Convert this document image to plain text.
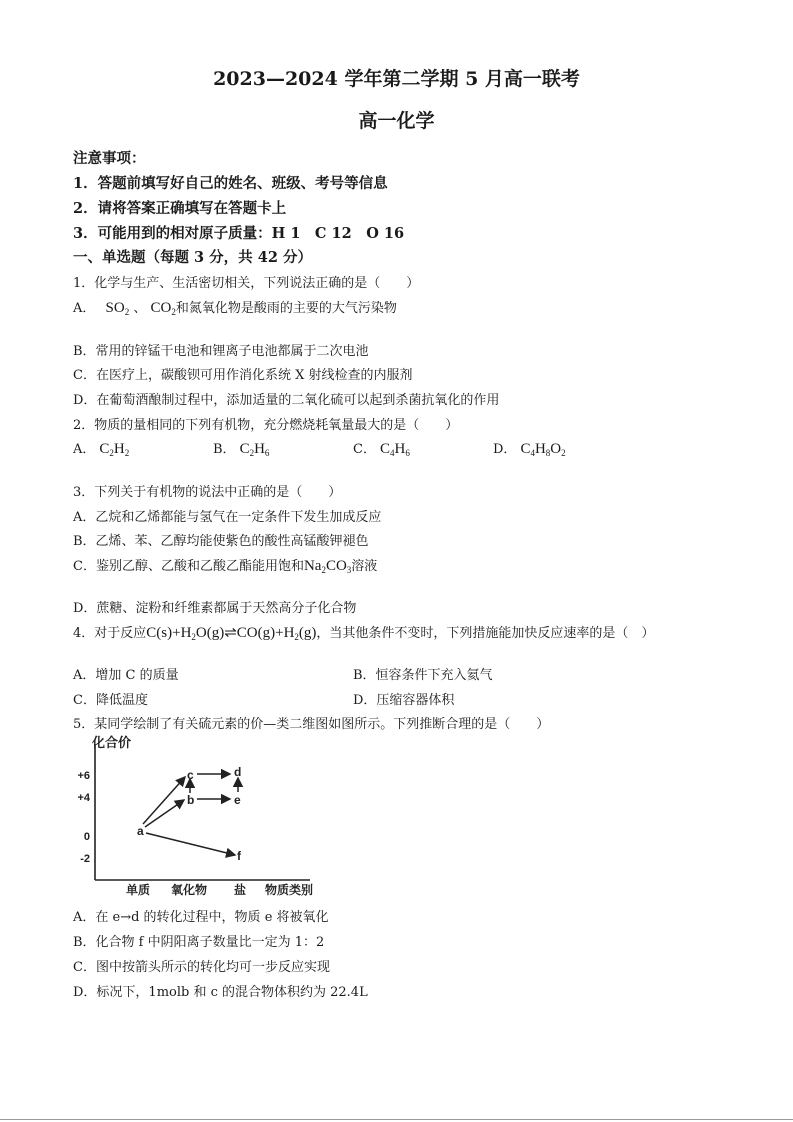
2023—2024 学年第二学期 5 月高一联考
高一化学
注意事项：
1．答题前填写好自己的姓名、班级、考号等信息
2．请将答案正确填写在答题卡上
3．可能用到的相对原子质量：H 1　C 12　O 16
一、单选题（每题 3 分，共 42 分）
1．化学与生产、生活密切相关，下列说法正确的是（　　）
A． $SO_2$ 、 $CO_2$和氮氧化物是酸雨的主要的大气污染物
B．常用的锌锰干电池和锂离子电池都属于二次电池
C．在医疗上，碳酸钡可用作消化系统 X 射线检查的内服剂
D．在葡萄酒酿制过程中，添加适量的二氧化硫可以起到杀菌抗氧化的作用
2．物质的量相同的下列有机物，充分燃烧耗氧量最大的是（　　）
A． $C_2H_2$	B． $C_2H_6$	C． $C_4H_6$	D． $C_4H_8O_2$
3．下列关于有机物的说法中正确的是（　　）
A．乙烷和乙烯都能与氢气在一定条件下发生加成反应
B．乙烯、苯、乙醇均能使紫色的酸性高锰酸钾褪色
C．鉴别乙醇、乙酸和乙酸乙酯能用饱和$Na_2CO_3$溶液
D．蔗糖、淀粉和纤维素都属于天然高分子化合物
4．对于反应$C(s)+H_2O(g)\rightleftharpoons CO(g)+H_2(g)$，当其他条件不变时，下列措施能加快反应速率的是（　）
A．增加 C 的质量	B．恒容条件下充入氦气
C．降低温度	D．压缩容器体积
5．某同学绘制了有关硫元素的价—类二维图如图所示。下列推断合理的是（　　）
化合价
+6
+4
0
-2
单质 氧化物 盐 物质类别
a
b
c	d
e
f
A．在 e→d 的转化过程中，物质 e 将被氧化
B．化合物 f 中阴阳离子数量比一定为 1：2
C．图中按箭头所示的转化均可一步反应实现
D．标况下，1molb 和 c 的混合物体积约为 22.4L
